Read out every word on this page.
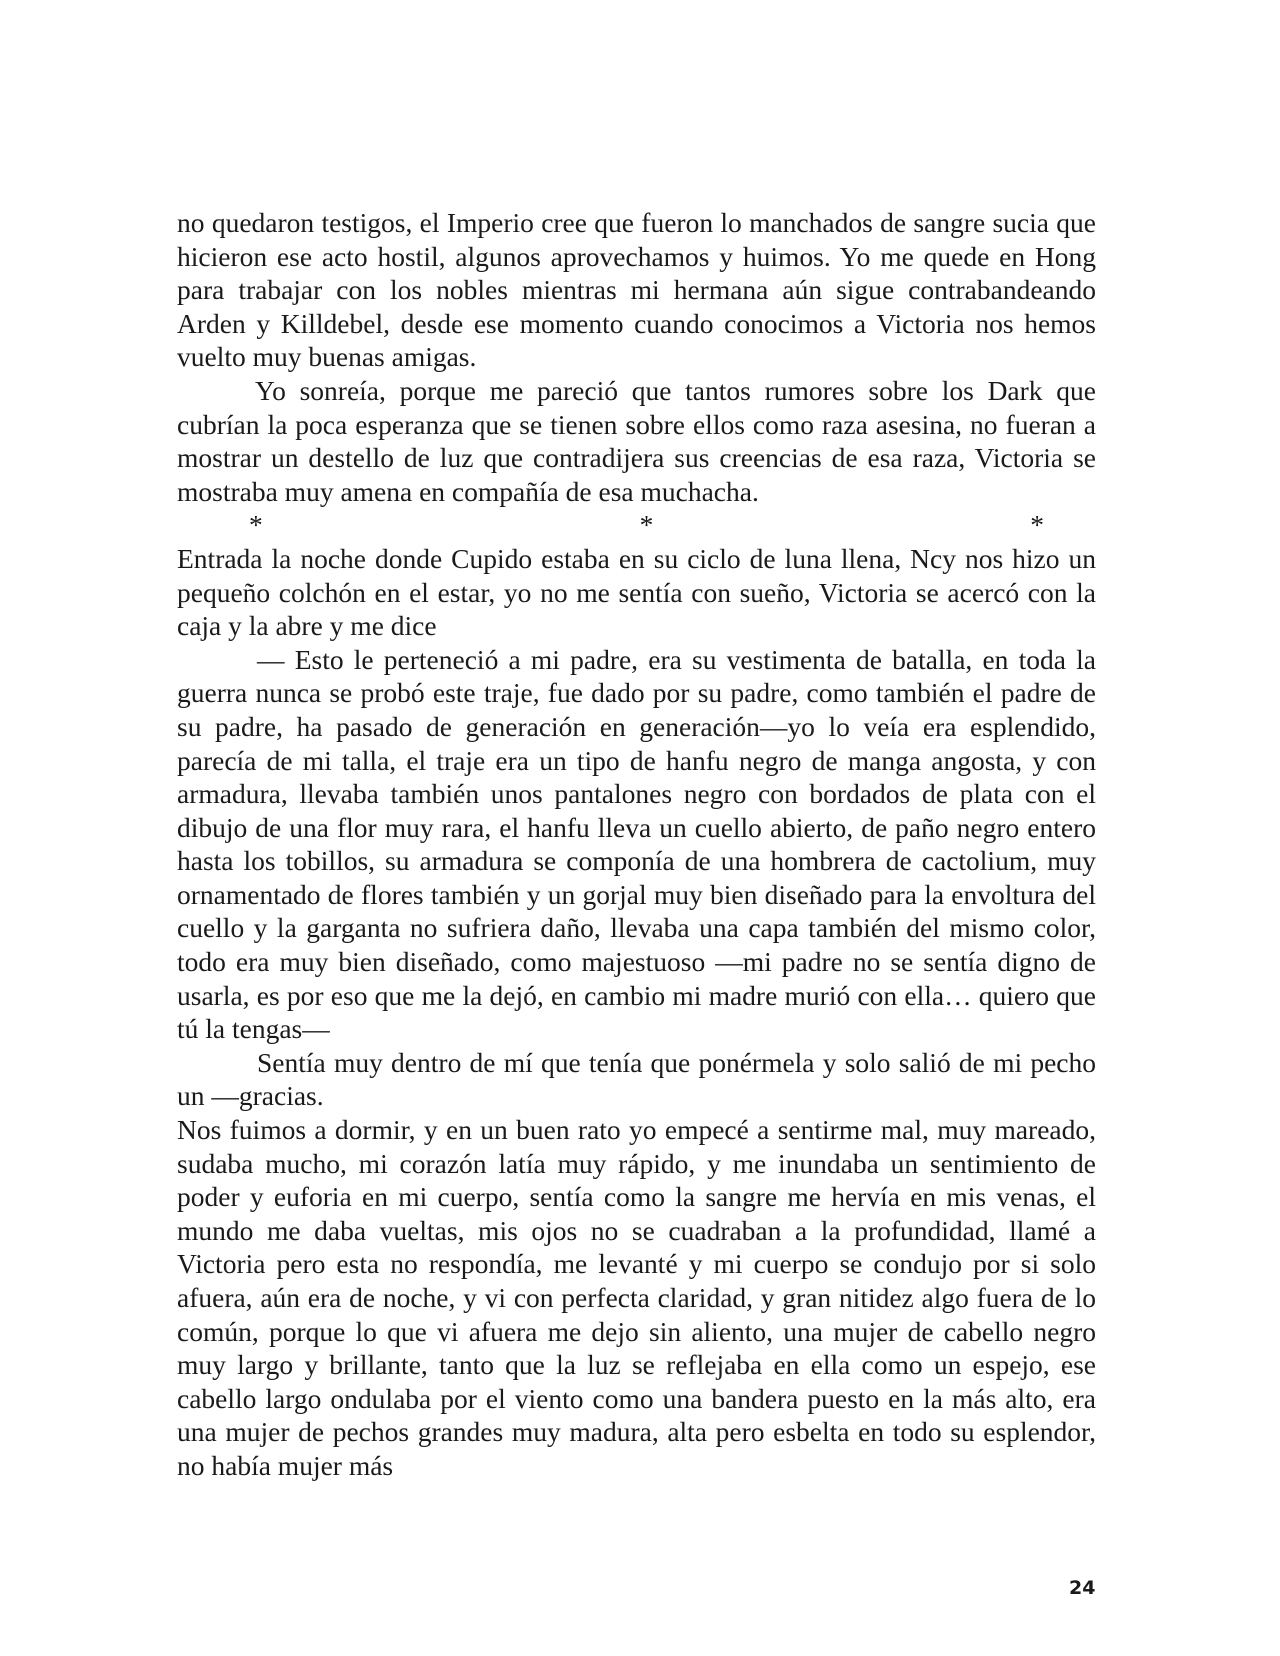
no quedaron testigos, el Imperio cree que fueron lo manchados de sangre sucia que hicieron ese acto hostil, algunos aprovechamos y huimos. Yo me quede en Hong para trabajar con los nobles mientras mi hermana aún sigue contrabandeando Arden y Killdebel, desde ese momento cuando conocimos a Victoria nos hemos vuelto muy buenas amigas.

Yo sonreía, porque me pareció que tantos rumores sobre los Dark que cubrían la poca esperanza que se tienen sobre ellos como raza asesina, no fueran a mostrar un destello de luz que contradijera sus creencias de esa raza, Victoria se mostraba muy amena en compañía de esa muchacha.

*	*	*

Entrada la noche donde Cupido estaba en su ciclo de luna llena, Ncy nos hizo un pequeño colchón en el estar, yo no me sentía con sueño, Victoria se acercó con la caja y la abre y me dice

— Esto le perteneció a mi padre, era su vestimenta de batalla, en toda la guerra nunca se probó este traje, fue dado por su padre, como también el padre de su padre, ha pasado de generación en generación—yo lo veía era esplendido, parecía de mi talla, el traje era un tipo de hanfu negro de manga angosta, y con armadura, llevaba también unos pantalones negro con bordados de plata con el dibujo de una flor muy rara, el hanfu lleva un cuello abierto, de paño negro entero hasta los tobillos, su armadura se componía de una hombrera de cactolium, muy ornamentado de flores también y un gorjal muy bien diseñado para la envoltura del cuello y la garganta no sufriera daño, llevaba una capa también del mismo color, todo era muy bien diseñado, como majestuoso —mi padre no se sentía digno de usarla, es por eso que me la dejó, en cambio mi madre murió con ella… quiero que tú la tengas—

Sentía muy dentro de mí que tenía que ponérmela y solo salió de mi pecho un —gracias.

Nos fuimos a dormir, y en un buen rato yo empecé a sentirme mal, muy mareado, sudaba mucho, mi corazón latía muy rápido, y me inundaba un sentimiento de poder y euforia en mi cuerpo, sentía como la sangre me hervía en mis venas, el mundo me daba vueltas, mis ojos no se cuadraban a la profundidad, llamé a Victoria pero esta no respondía, me levanté y mi cuerpo se condujo por si solo afuera, aún era de noche, y vi con perfecta claridad, y gran nitidez algo fuera de lo común, porque lo que vi afuera me dejo sin aliento, una mujer de cabello negro muy largo y brillante, tanto que la luz se reflejaba en ella como un espejo, ese cabello largo ondulaba por el viento como una bandera puesto en la más alto, era una mujer de pechos grandes muy madura, alta pero esbelta en todo su esplendor, no había mujer más

24
